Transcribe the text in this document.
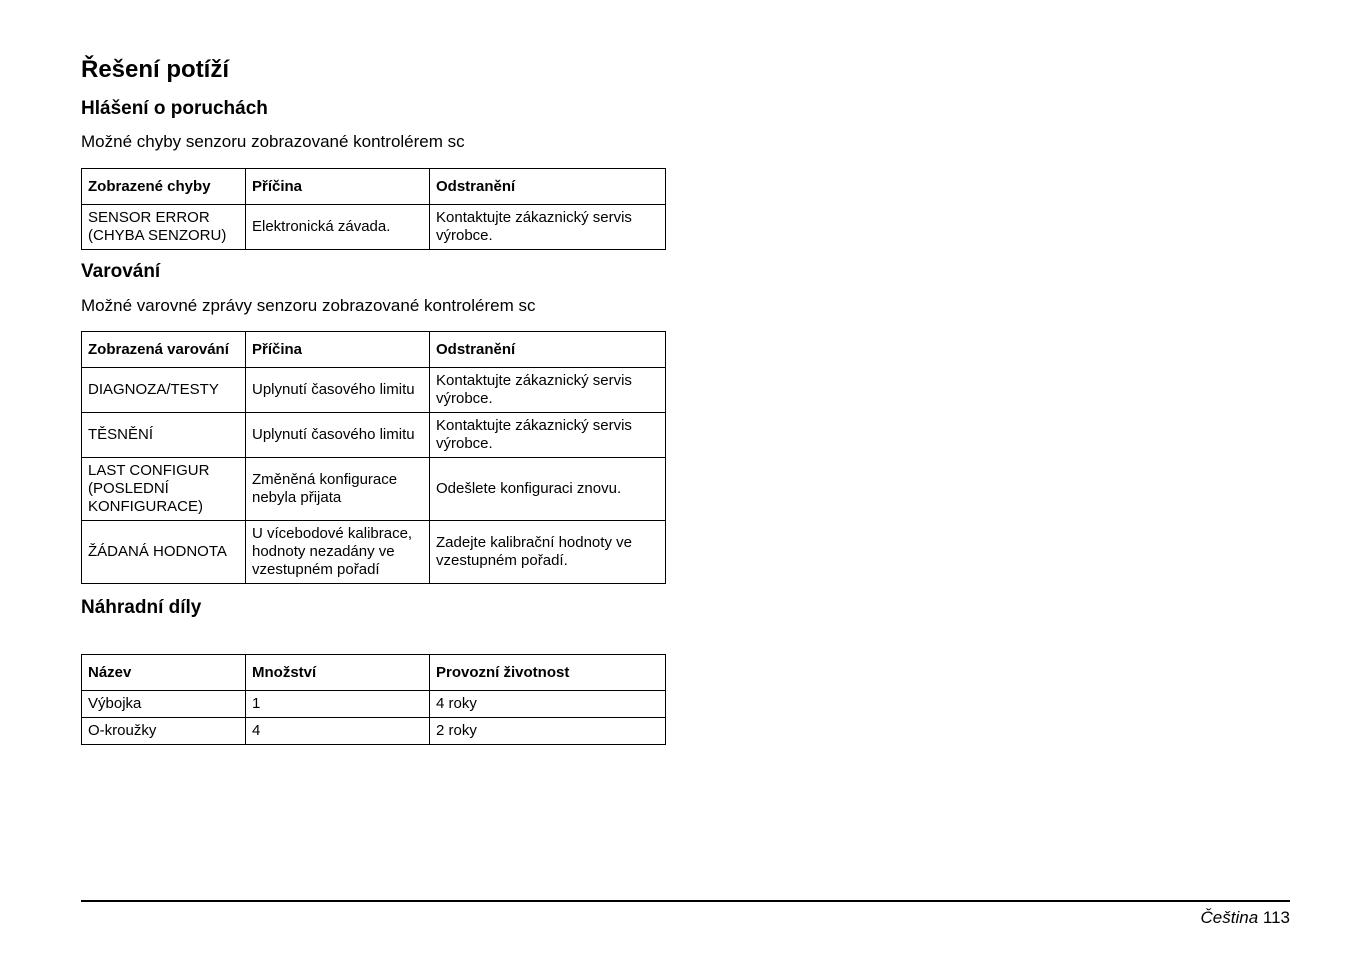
Řešení potíží
Hlášení o poruchách

Možné chyby senzoru zobrazované kontrolérem sc

Zobrazené chyby	Příčina	Odstranění
SENSOR ERROR (CHYBA SENZORU)	Elektronická závada.	Kontaktujte zákaznický servis výrobce.
Varování

Možné varovné zprávy senzoru zobrazované kontrolérem sc

Zobrazená varování	Příčina	Odstranění
DIAGNOZA/TESTY	Uplynutí časového limitu	Kontaktujte zákaznický servis výrobce.
TĚSNĚNÍ	Uplynutí časového limitu	Kontaktujte zákaznický servis výrobce.
LAST CONFIGUR (POSLEDNÍ KONFIGURACE)	Změněná konfigurace nebyla přijata	Odešlete konfiguraci znovu.
ŽÁDANÁ HODNOTA	U vícebodové kalibrace, hodnoty nezadány ve vzestupném pořadí	Zadejte kalibrační hodnoty ve vzestupném pořadí.
Náhradní díly
Název	Množství	Provozní životnost
Výbojka	1	4 roky
O-kroužky	4	2 roky
Čeština 113
